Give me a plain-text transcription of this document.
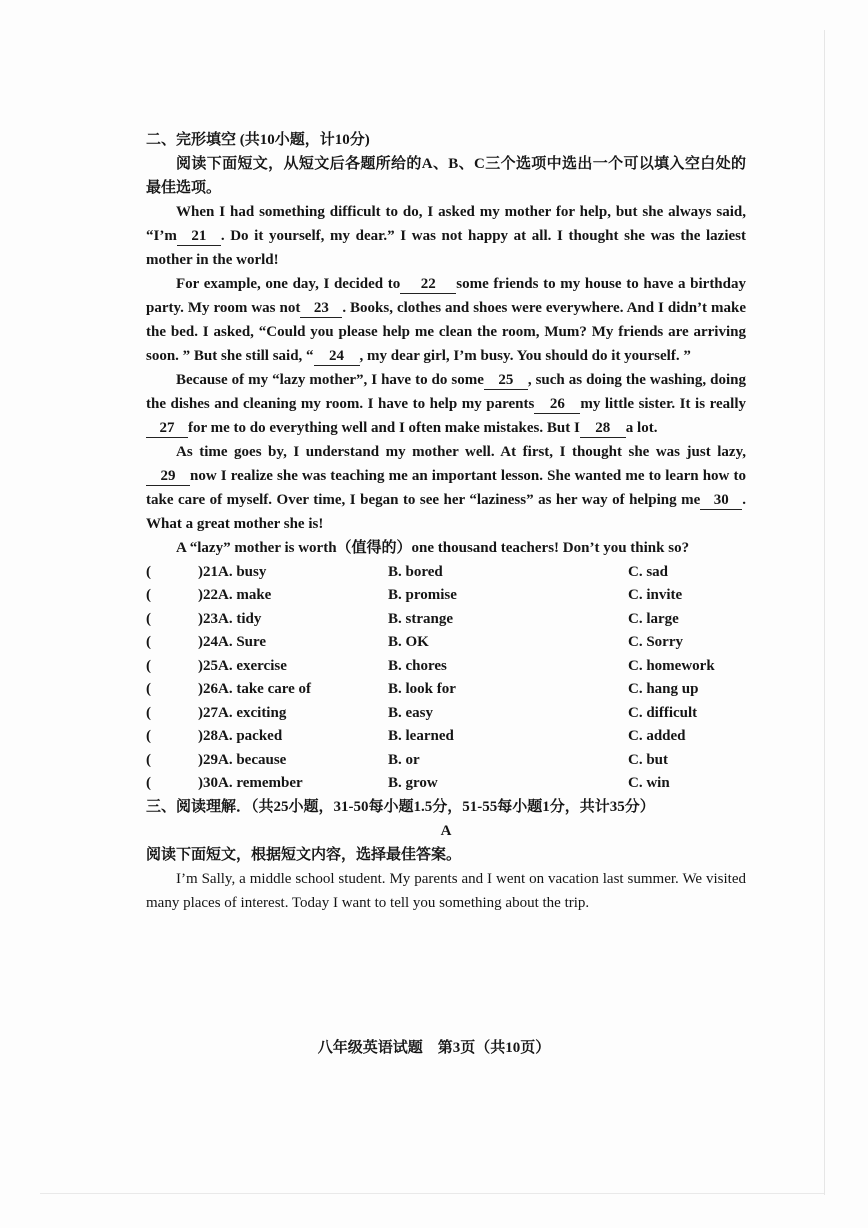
二、完形填空 (共10小题，计10分)

阅读下面短文，从短文后各题所给的A、B、C三个选项中选出一个可以填入空白处的最佳选项。

When I had something difficult to do, I asked my mother for help, but she always said, “I’m 21 . Do it yourself, my dear.” I was not happy at all. I thought she was the laziest mother in the world!

For example, one day, I decided to 22 some friends to my house to have a birthday party. My room was not 23 . Books, clothes and shoes were everywhere. And I didn’t make the bed. I asked, “Could you please help me clean the room, Mum? My friends are arriving soon. ” But she still said, “ 24 , my dear girl, I’m busy. You should do it yourself. ”

Because of my “lazy mother”, I have to do some 25 , such as doing the washing, doing the dishes and cleaning my room. I have to help my parents 26 my little sister. It is really27 for me to do everything well and I often make mistakes. But I 28 a lot.

As time goes by, I understand my mother well. At first, I thought she was just lazy, 29 now I realize she was teaching me an important lesson. She wanted me to learn how to take care of myself. Over time, I began to see her “laziness” as her way of helping me 30 . What a great mother she is!

A “lazy” mother is worth（值得的）one thousand teachers! Don’t you think so?

(	)21A. busy	B. bored	C. sad
(	)22A. make	B. promise	C. invite
(	)23A. tidy	B. strange	C. large
(	)24A. Sure	B. OK	C. Sorry
(	)25A. exercise	B. chores	C. homework
(	)26A. take care of	B. look for	C. hang up
(	)27A. exciting	B. easy	C. difficult
(	)28A. packed	B. learned	C. added
(	)29A. because	B. or	C. but
(	)30A. remember	B. grow	C. win

三、阅读理解．（共25小题，31-50每小题1.5分，51-55每小题1分，共计35分）

A

阅读下面短文，根据短文内容，选择最佳答案。

I’m Sally, a middle school student. My parents and I went on vacation last summer. We visited many places of interest. Today I want to tell you something about the trip.

八年级英语试题　第3页（共10页）
